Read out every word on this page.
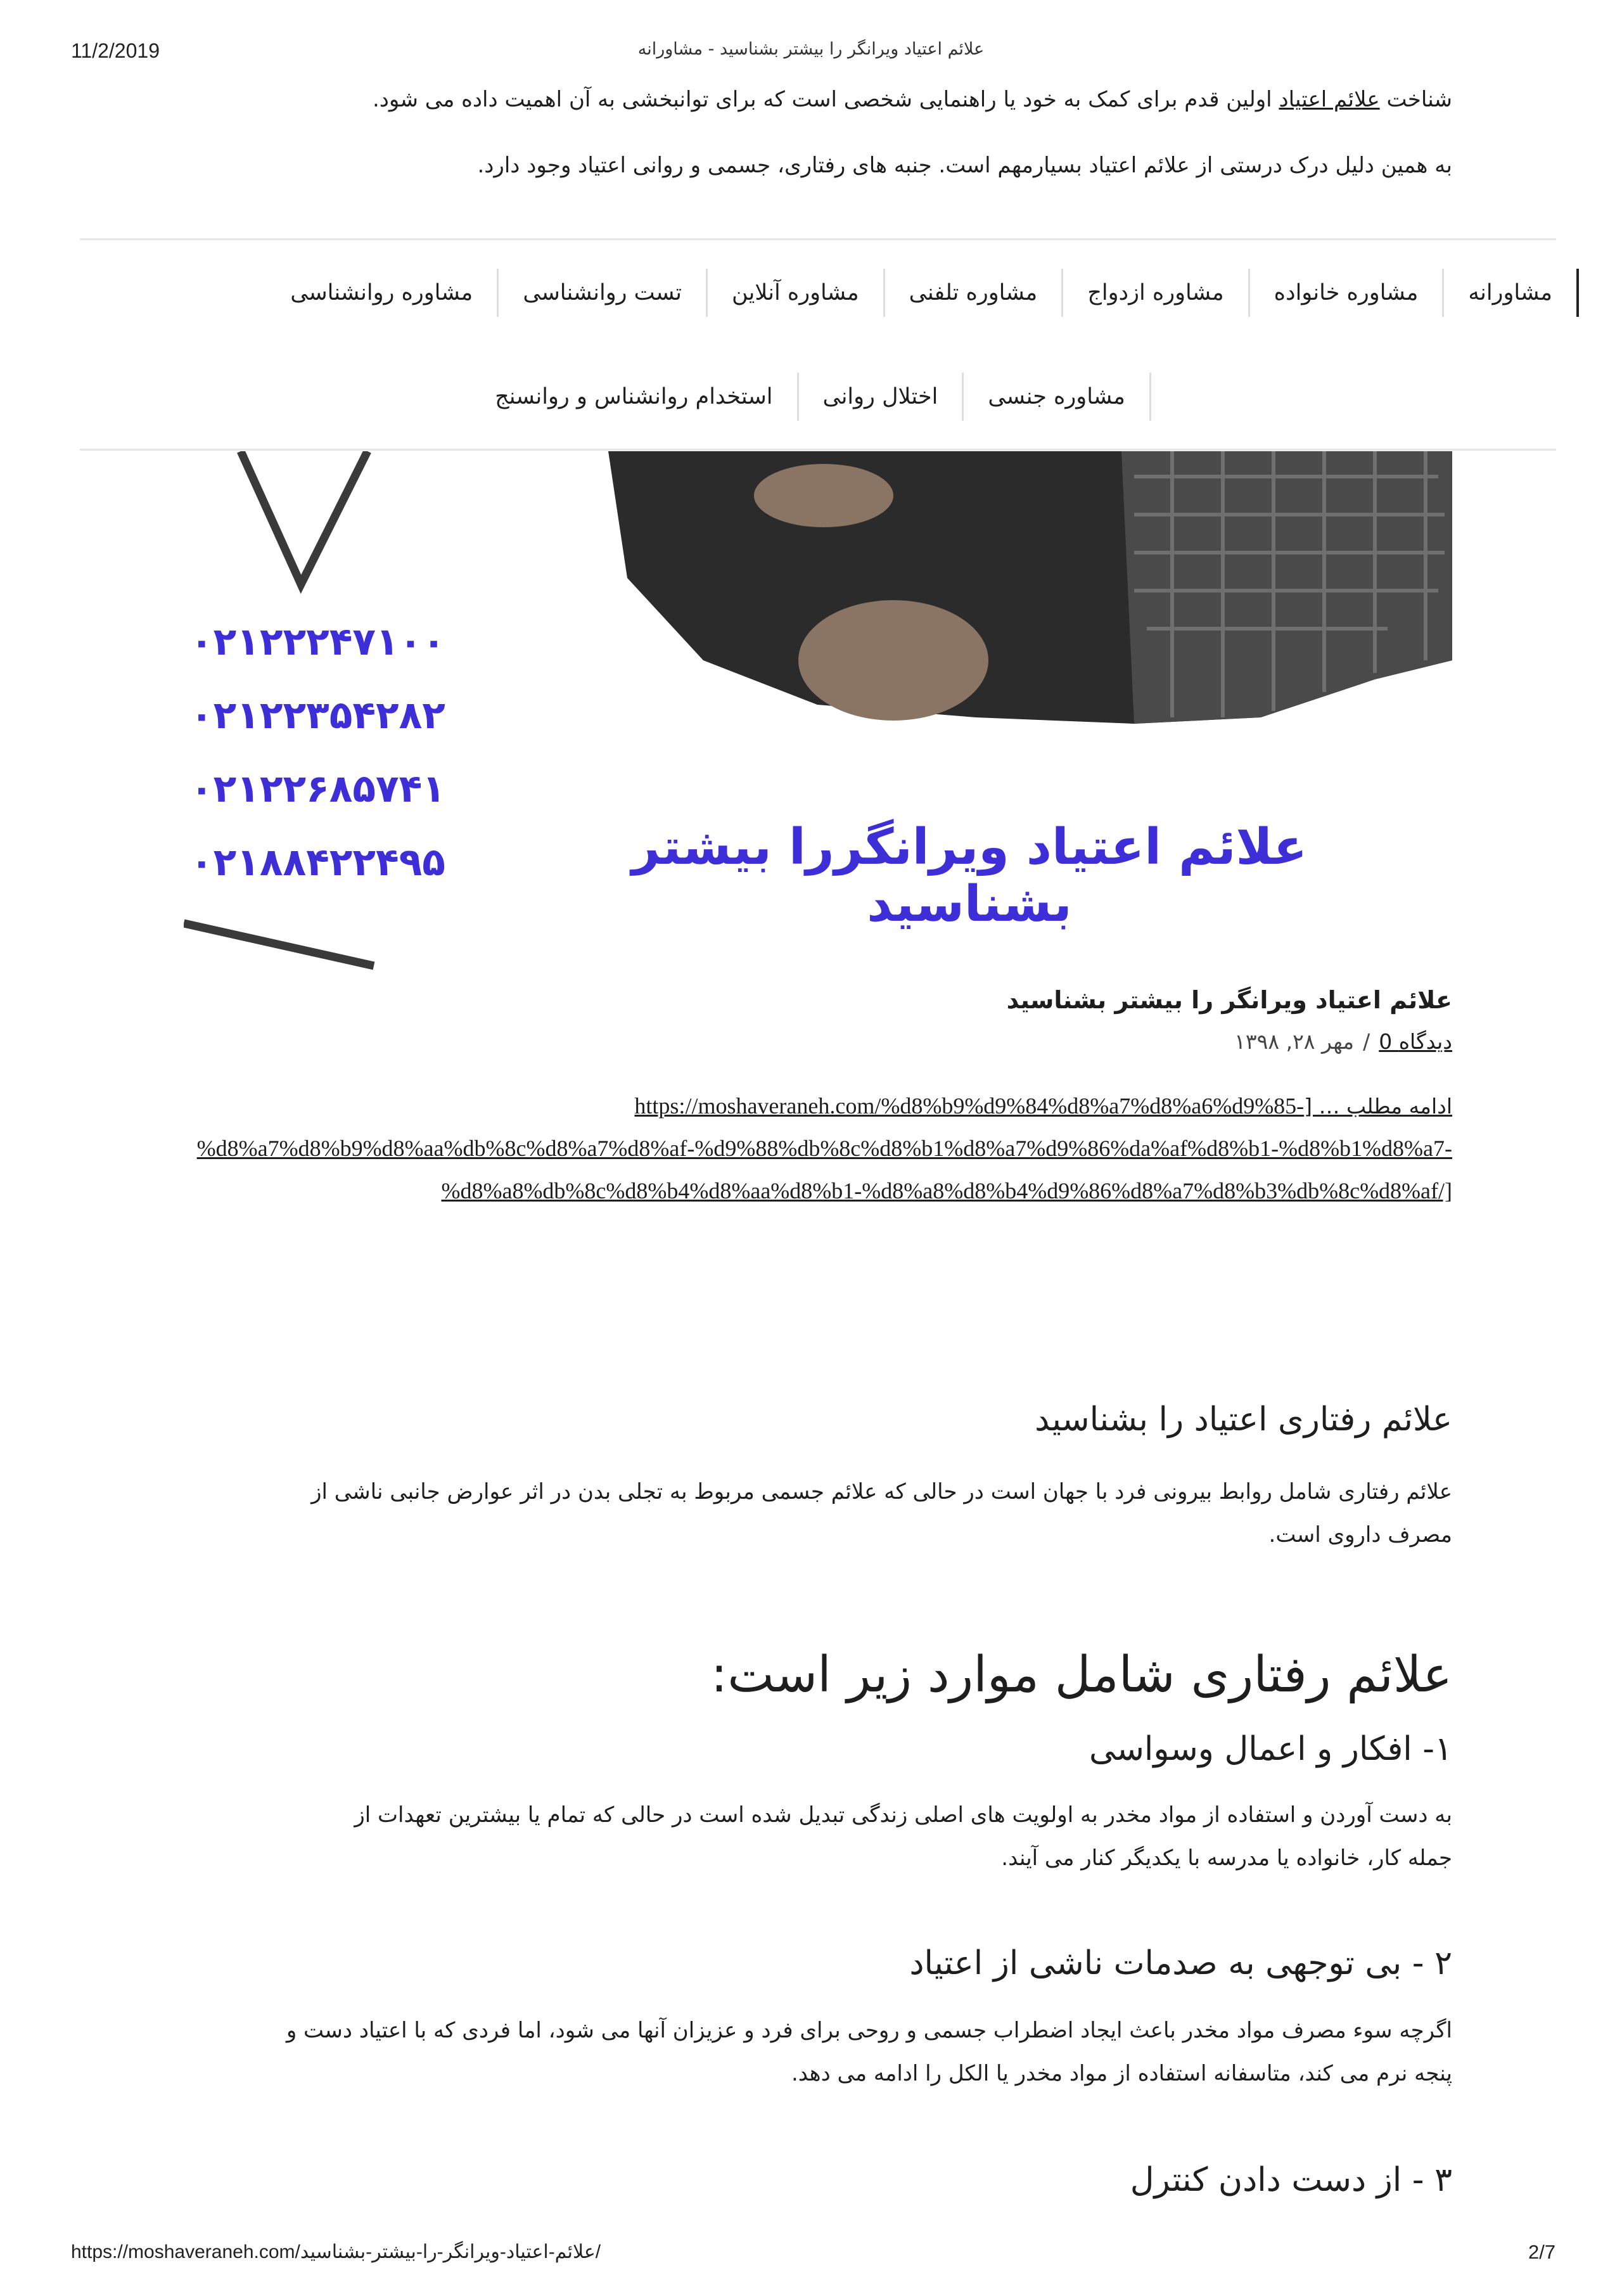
11/2/2019	علائم اعتیاد ویرانگر را بیشتر بشناسید - مشاورانه
شناخت علائم اعتیاد اولین قدم برای کمک به خود یا راهنمایی شخصی است که برای توانبخشی به آن اهمیت داده می شود.
به همین دلیل درک درستی از علائم اعتیاد بسیارمهم است. جنبه های رفتاری، جسمی و روانی اعتیاد وجود دارد.
مشاورانه
مشاوره خانواده
مشاوره ازدواج
مشاوره تلفنی
مشاوره آنلاین
تست روانشناسی
مشاوره روانشناسی
مشاوره جنسی
اختلال روانی
استخدام روانشناس و روانسنج
۰۲۱۲۲۲۴۷۱۰۰
۰۲۱۲۲۳۵۴۲۸۲
۰۲۱۲۲۶۸۵۷۴۱
۰۲۱۸۸۴۲۲۴۹۵	علائم اعتیاد ویرانگررا بیشتر بشناسید
علائم اعتیاد ویرانگر را بیشتر بشناسید
0 دیدگاه
/
مهر ۲۸, ۱۳۹۸
ادامه مطلب … [https://moshaveraneh.com/%d8%b9%d9%84%d8%a7%d8%a6%d9%85-
%d8%a7%d8%b9%d8%aa%db%8c%d8%a7%d8%af-%d9%88%db%8c%d8%b1%d8%a7%d9%86%da%af%d8%b1-%d8%b1%d8%a7-
%d8%a8%db%8c%d8%b4%d8%aa%d8%b1-%d8%a8%d8%b4%d9%86%d8%a7%d8%b3%db%8c%d8%af/]
علائم رفتاری اعتیاد را بشناسید
علائم رفتاری شامل روابط بیرونی فرد با جهان است در حالی که علائم جسمی مربوط به تجلی بدن در اثر عوارض جانبی ناشی از
مصرف داروی است.
علائم رفتاری شامل موارد زیر است:
۱- افکار و اعمال وسواسی
به دست آوردن و استفاده از مواد مخدر به اولویت های اصلی زندگی تبدیل شده است در حالی که تمام یا بیشترین تعهدات از
جمله کار، خانواده یا مدرسه با یکدیگر کنار می آیند.
۲ - بی توجهی به صدمات ناشی از اعتیاد
اگرچه سوء مصرف مواد مخدر باعث ایجاد اضطراب جسمی و روحی برای فرد و عزیزان آنها می شود، اما فردی که با اعتیاد دست و
پنجه نرم می کند، متاسفانه استفاده از مواد مخدر یا الکل را ادامه می دهد.
۳ - از دست دادن کنترل
https://moshaveraneh.com/علائم-اعتیاد-ویرانگر-را-بیشتر-بشناسید/	2/7
